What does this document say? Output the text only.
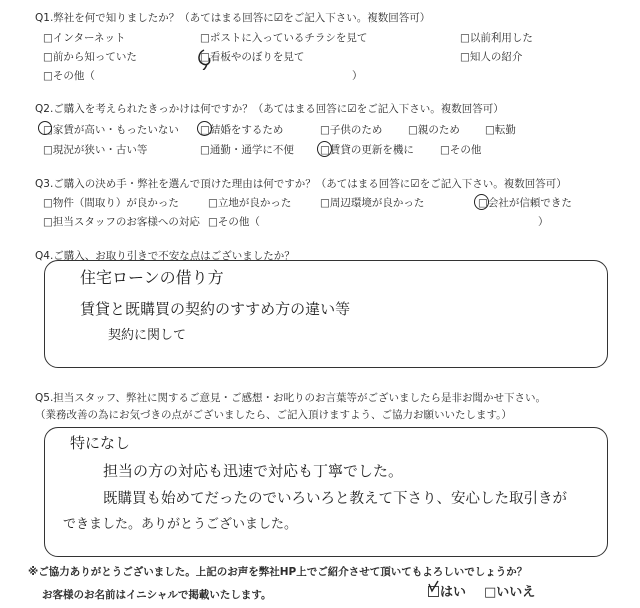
Q1.弊社を何で知りましたか？（あてはまる回答に☑をご記入下さい。複数回答可）
□インターネット	□ポストに入っているチラシを見て	□以前利用した
□前から知っていた	□看板やのぼりを見て	□知人の紹介
□その他（	）
Q2.ご購入を考えられたきっかけは何ですか？（あてはまる回答に☑をご記入下さい。複数回答可）
□家賃が高い・もったいない □結婚をするため	□子供のため □親のため □転勤
□現況が狭い・古い等	□通勤・通学に不便 □賃貸の更新を機に □その他
Q3.ご購入の決め手・弊社を選んで頂けた理由は何ですか？（あてはまる回答に☑をご記入下さい。複数回答可）
□物件（間取り）が良かった	□立地が良かった	□周辺環境が良かった	□会社が信頼できた
□担当スタッフのお客様への対応 □その他（	）
Q4.ご購入、お取り引きで不安な点はございましたか？
住宅ローンの借り方
賃貸と既購買の契約のすすめ方の違い等
契約に関して
Q5.担当スタッフ、弊社に関するご意見・ご感想・お叱りのお言葉等がございましたら是非お聞かせ下さい。
（業務改善の為にお気づきの点がございましたら、ご記入頂けますよう、ご協力お願いいたします。）
特になし
担当の方の対応も迅速で対応も丁寧でした。
既購買も始めてだったのでいろいろと教えて下さり、安心した取引きが
できました。ありがとうございました。
※ご協力ありがとうございました。上記のお声を弊社HP上でご紹介させて頂いてもよろしいでしょうか？
お客様のお名前はイニシャルで掲載いたします。	はい □いいえ
